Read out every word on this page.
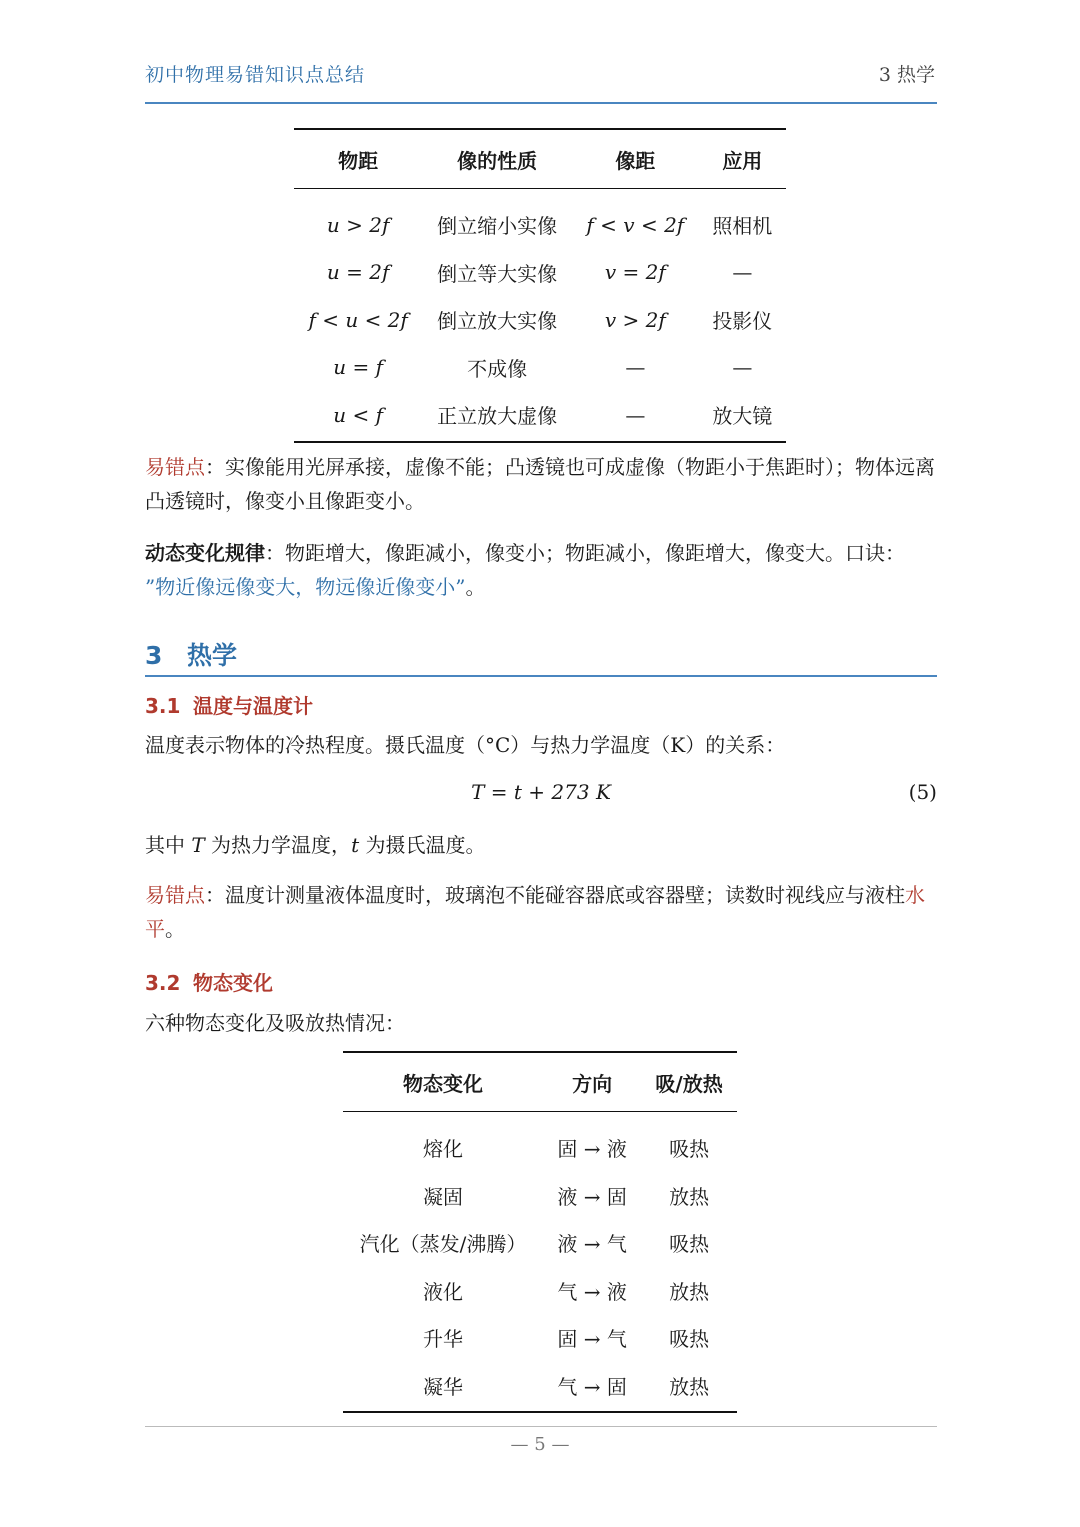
初中物理易错知识点总结	3 热学
物距	像的性质	像距	应用
u > 2f	倒立缩小实像	f < v < 2f	照相机
u = 2f	倒立等大实像	v = 2f	—
f < u < 2f	倒立放大实像	v > 2f	投影仪
u = f	不成像	—	—
u < f	正立放大虚像	—	放大镜
易错点：实像能用光屏承接，虚像不能；凸透镜也可成虚像（物距小于焦距时）；物体远离凸透镜时，像变小且像距变小。
动态变化规律：物距增大，像距减小，像变小；物距减小，像距增大，像变大。口诀：
”物近像远像变大，物远像近像变小”。
3 热学
3.1 温度与温度计
温度表示物体的冷热程度。摄氏温度（°C）与热力学温度（K）的关系：
T = t + 273 K	(5)
其中 T 为热力学温度，t 为摄氏温度。
易错点：温度计测量液体温度时，玻璃泡不能碰容器底或容器壁；读数时视线应与液柱水平。
3.2 物态变化
六种物态变化及吸放热情况：
物态变化	方向	吸/放热
熔化	固 → 液	吸热
凝固	液 → 固	放热
汽化（蒸发/沸腾）	液 → 气	吸热
液化	气 → 液	放热
升华	固 → 气	吸热
凝华	气 → 固	放热
— 5 —
